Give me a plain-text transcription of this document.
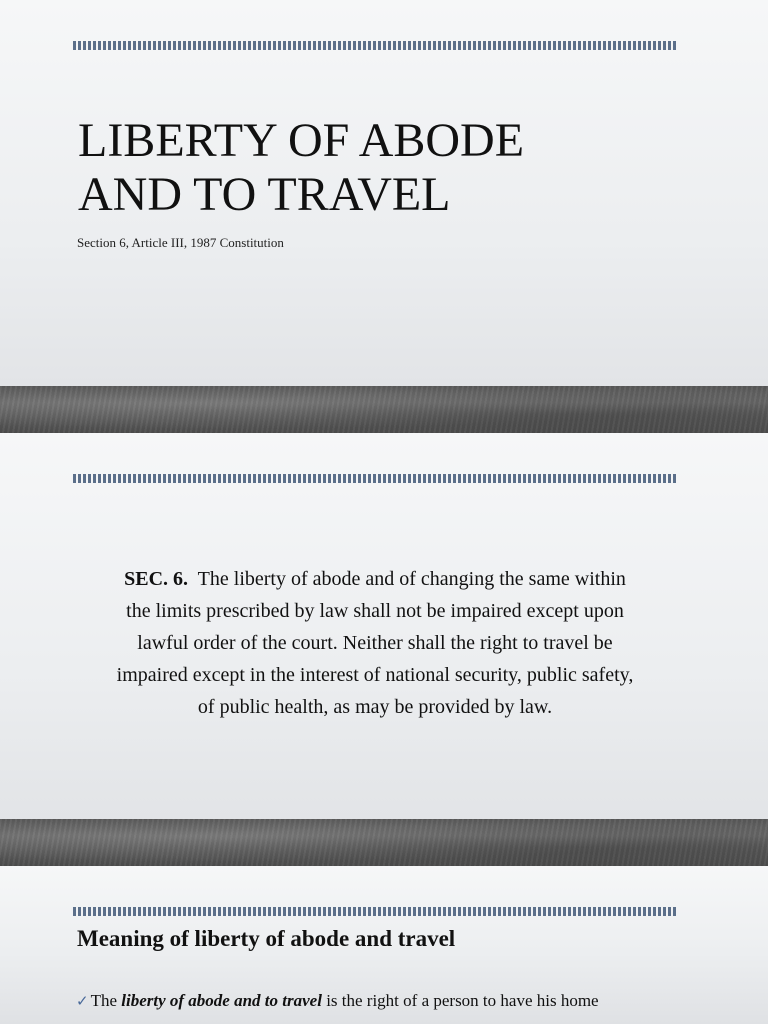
LIBERTY OF ABODE
AND TO TRAVEL

Section 6, Article III, 1987 Constitution

SEC. 6. The liberty of abode and of changing the same within
the limits prescribed by law shall not be impaired except upon
lawful order of the court. Neither shall the right to travel be
impaired except in the interest of national security, public safety,
of public health, as may be provided by law.

Meaning of liberty of abode and travel

✓ The liberty of abode and to travel is the right of a person to have his home
